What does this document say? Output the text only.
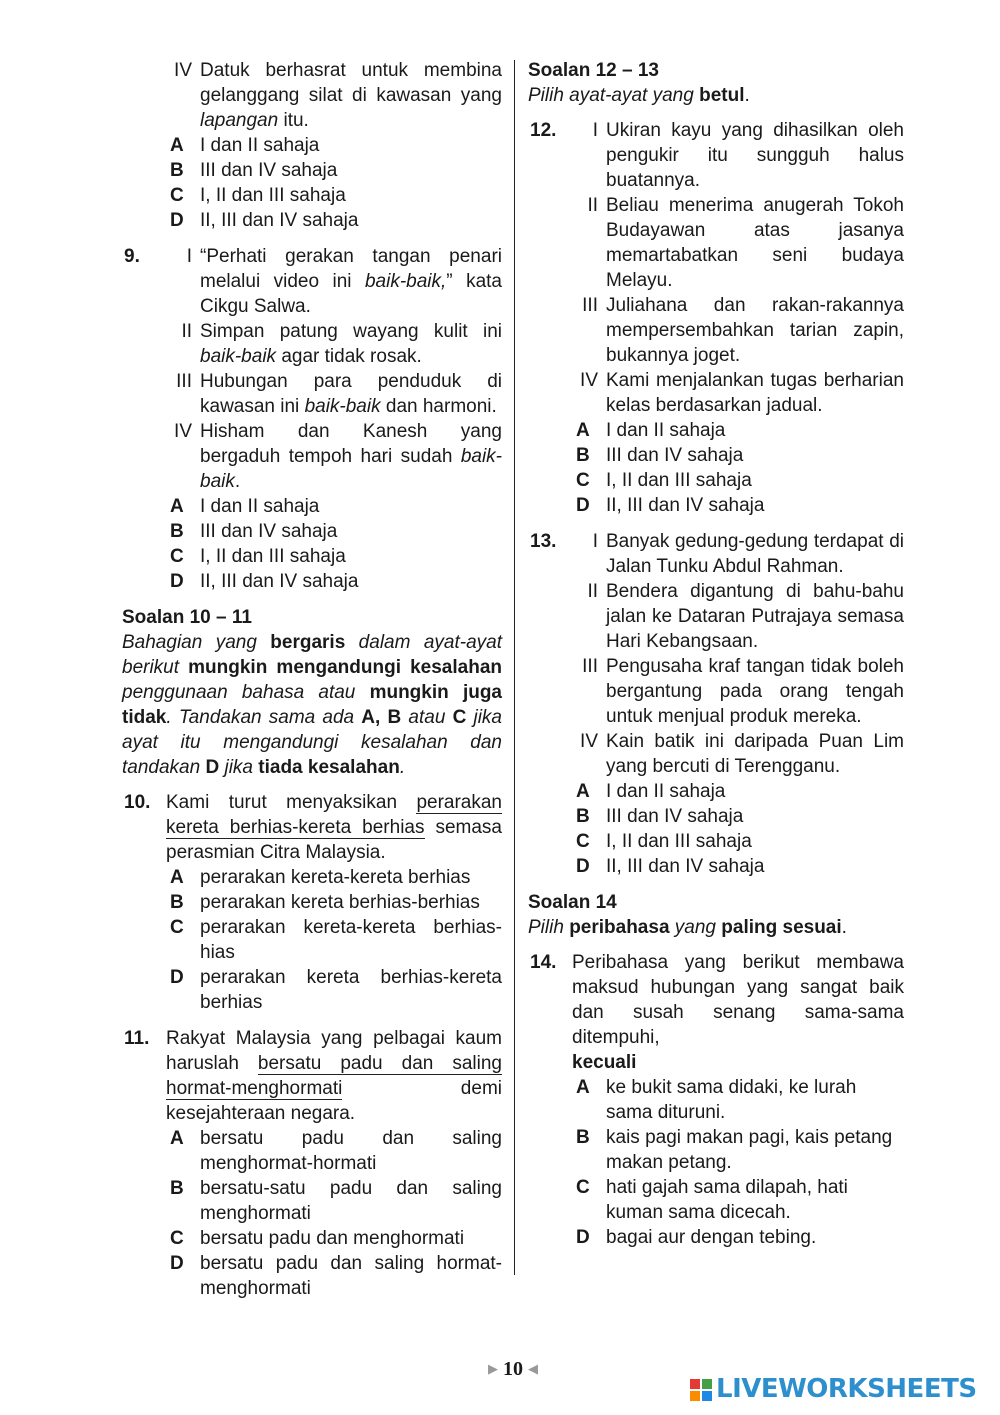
IV Datuk berhasrat untuk membina gelanggang silat di kawasan yang lapangan itu.
A I dan II sahaja
B III dan IV sahaja
C I, II dan III sahaja
D II, III dan IV sahaja
9.	I “Perhati gerakan tangan penari melalui video ini baik-baik,” kata Cikgu Salwa.
II Simpan patung wayang kulit ini baik-baik agar tidak rosak.
III Hubungan para penduduk di kawasan ini baik-baik dan harmoni.
IV Hisham dan Kanesh yang bergaduh tempoh hari sudah baik-baik.
A I dan II sahaja
B III dan IV sahaja
C I, II dan III sahaja
D II, III dan IV sahaja
Soalan 10 – 11
Bahagian yang bergaris dalam ayat-ayat berikut mungkin mengandungi kesalahan penggunaan bahasa atau mungkin juga tidak. Tandakan sama ada A, B atau C jika ayat itu mengandungi kesalahan dan tandakan D jika tiada kesalahan.
10. Kami turut menyaksikan perarakan kereta berhias-kereta berhias semasa perasmian Citra Malaysia.
A perarakan kereta-kereta berhias
B perarakan kereta berhias-berhias
C perarakan kereta-kereta berhias-hias
D perarakan kereta berhias-kereta berhias
11. Rakyat Malaysia yang pelbagai kaum haruslah bersatu padu dan saling hormat-menghormati demi kesejahteraan negara.
A bersatu padu dan saling menghormat-hormati
B bersatu-satu padu dan saling menghormati
C bersatu padu dan menghormati
D bersatu padu dan saling hormat-menghormati
Soalan 12 – 13
Pilih ayat-ayat yang betul.
12.	I Ukiran kayu yang dihasilkan oleh pengukir itu sungguh halus buatannya.
II Beliau menerima anugerah Tokoh Budayawan atas jasanya memartabatkan seni budaya Melayu.
III Juliahana dan rakan-rakannya mempersembahkan tarian zapin, bukannya joget.
IV Kami menjalankan tugas berharian kelas berdasarkan jadual.
A I dan II sahaja
B III dan IV sahaja
C I, II dan III sahaja
D II, III dan IV sahaja
13.	I Banyak gedung-gedung terdapat di Jalan Tunku Abdul Rahman.
II Bendera digantung di bahu-bahu jalan ke Dataran Putrajaya semasa Hari Kebangsaan.
III Pengusaha kraf tangan tidak boleh bergantung pada orang tengah untuk menjual produk mereka.
IV Kain batik ini daripada Puan Lim yang bercuti di Terengganu.
A I dan II sahaja
B III dan IV sahaja
C I, II dan III sahaja
D II, III dan IV sahaja
Soalan 14
Pilih peribahasa yang paling sesuai.
14. Peribahasa yang berikut membawa maksud hubungan yang sangat baik dan susah senang sama-sama ditempuhi,
kecuali
A ke bukit sama didaki, ke lurah sama dituruni.
B kais pagi makan pagi, kais petang makan petang.
C hati gajah sama dilapah, hati kuman sama dicecah.
D bagai aur dengan tebing.
▶ 10 ◀
LIVEWORKSHEETS
